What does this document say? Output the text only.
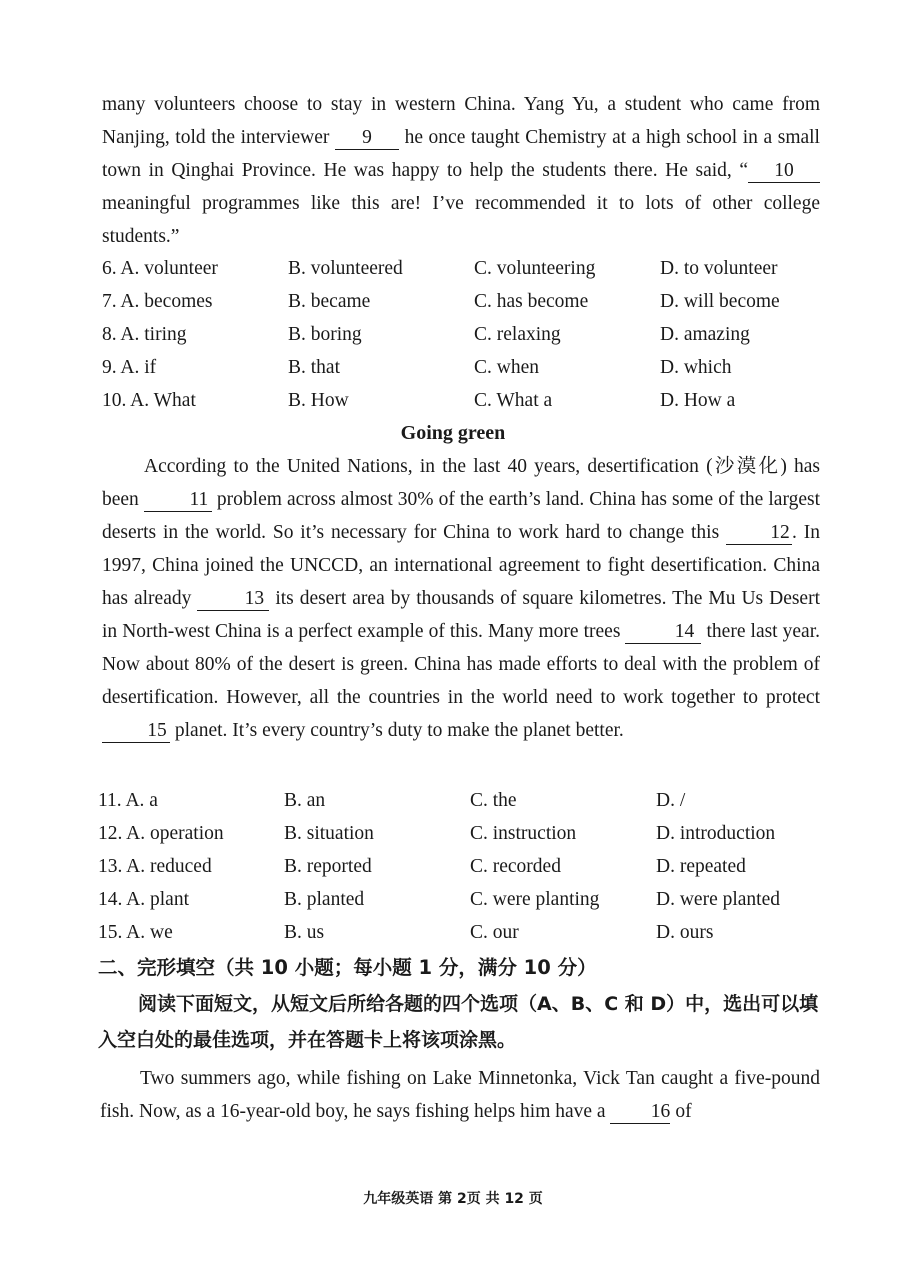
many volunteers choose to stay in western China. Yang Yu, a student who came from Nanjing, told the interviewer 9 he once taught Chemistry at a high school in a small town in Qinghai Province. He was happy to help the students there. He said, “ 10 meaningful programmes like this are! I’ve recommended it to lots of other college students.”
6. A. volunteer	B. volunteered	C. volunteering	D. to volunteer
7. A. becomes	B. became	C. has become	D. will become
8. A. tiring	B. boring	C. relaxing	D. amazing
9. A. if	B. that	C. when	D. which
10. A. What	B. How	C. What a	D. How a
Going green
According to the United Nations, in the last 40 years, desertification (沙漠化) has been 11 problem across almost 30% of the earth’s land. China has some of the largest deserts in the world. So it’s necessary for China to work hard to change this 12 . In 1997, China joined the UNCCD, an international agreement to fight desertification. China has already 13 its desert area by thousands of square kilometres. The Mu Us Desert in North-west China is a perfect example of this. Many more trees	14 there last year. Now about 80% of the desert is green. China has made efforts to deal with the problem of desertification. However, all the countries in the world need to work together to protect 15 planet. It’s every country’s duty to make the planet better.
11. A. a	B. an	C. the	D. /
12. A. operation	B. situation	C. instruction	D. introduction
13. A. reduced	B. reported	C. recorded	D. repeated
14. A. plant	B. planted	C. were planting	D. were planted
15. A. we	B. us	C. our	D. ours
二、完形填空（共 10 小题；每小题 1 分，满分 10 分）
阅读下面短文，从短文后所给各题的四个选项（A、B、C 和 D）中，选出可以填入空白处的最佳选项，并在答题卡上将该项涂黑。
Two summers ago, while fishing on Lake Minnetonka, Vick Tan caught a five-pound fish. Now, as a 16-year-old boy, he says fishing helps him have a 16 of
九年级英语 第 2页 共 12 页
